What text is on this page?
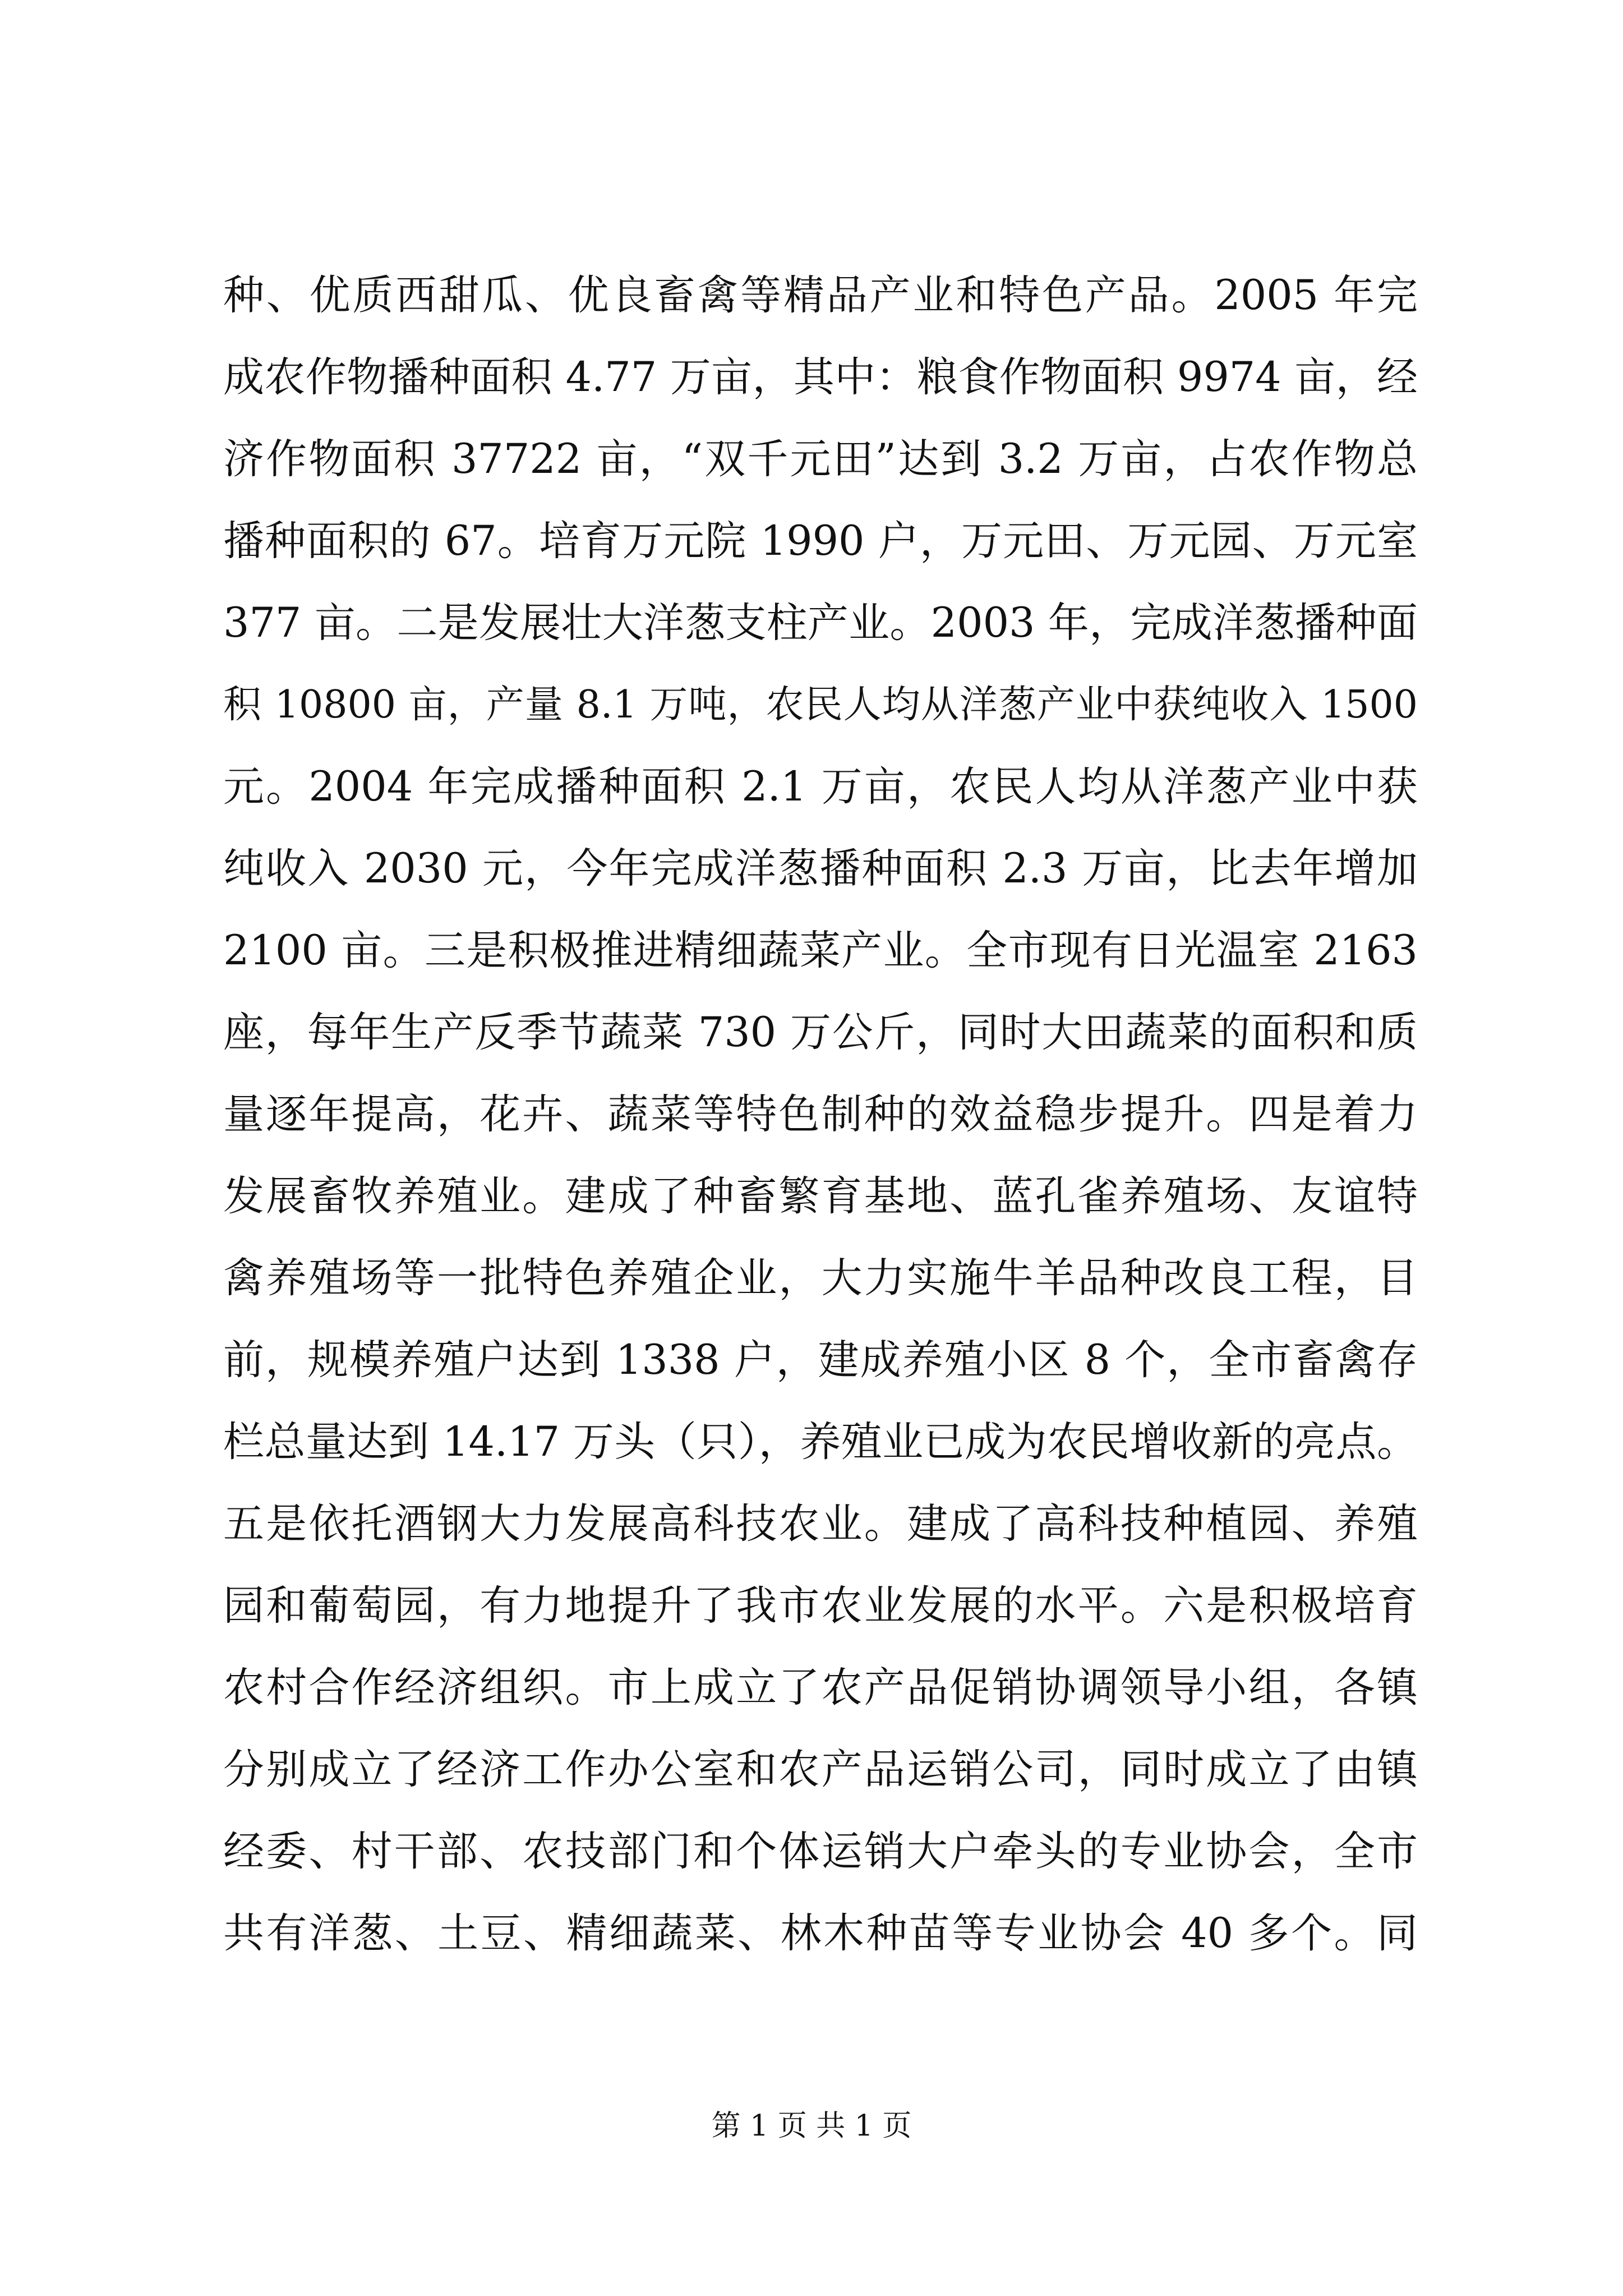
种、优质西甜瓜、优良畜禽等精品产业和特色产品。2005 年完
成农作物播种面积 4.77 万亩，其中：粮食作物面积 9974 亩，经
济作物面积 37722 亩，“双千元田”达到 3.2 万亩，占农作物总
播种面积的 67。培育万元院 1990 户，万元田、万元园、万元室
377 亩。二是发展壮大洋葱支柱产业。2003 年，完成洋葱播种面
积 10800 亩，产量 8.1 万吨，农民人均从洋葱产业中获纯收入 1500
元。2004 年完成播种面积 2.1 万亩，农民人均从洋葱产业中获
纯收入 2030 元，今年完成洋葱播种面积 2.3 万亩，比去年增加
2100 亩。三是积极推进精细蔬菜产业。全市现有日光温室 2163
座，每年生产反季节蔬菜 730 万公斤，同时大田蔬菜的面积和质
量逐年提高，花卉、蔬菜等特色制种的效益稳步提升。四是着力
发展畜牧养殖业。建成了种畜繁育基地、蓝孔雀养殖场、友谊特
禽养殖场等一批特色养殖企业，大力实施牛羊品种改良工程，目
前，规模养殖户达到 1338 户，建成养殖小区 8 个，全市畜禽存
栏总量达到 14.17 万头（只），养殖业已成为农民增收新的亮点。
五是依托酒钢大力发展高科技农业。建成了高科技种植园、养殖
园和葡萄园，有力地提升了我市农业发展的水平。六是积极培育
农村合作经济组织。市上成立了农产品促销协调领导小组，各镇
分别成立了经济工作办公室和农产品运销公司，同时成立了由镇
经委、村干部、农技部门和个体运销大户牵头的专业协会，全市
共有洋葱、土豆、精细蔬菜、林木种苗等专业协会 40 多个。同
第 1 页 共 1 页
